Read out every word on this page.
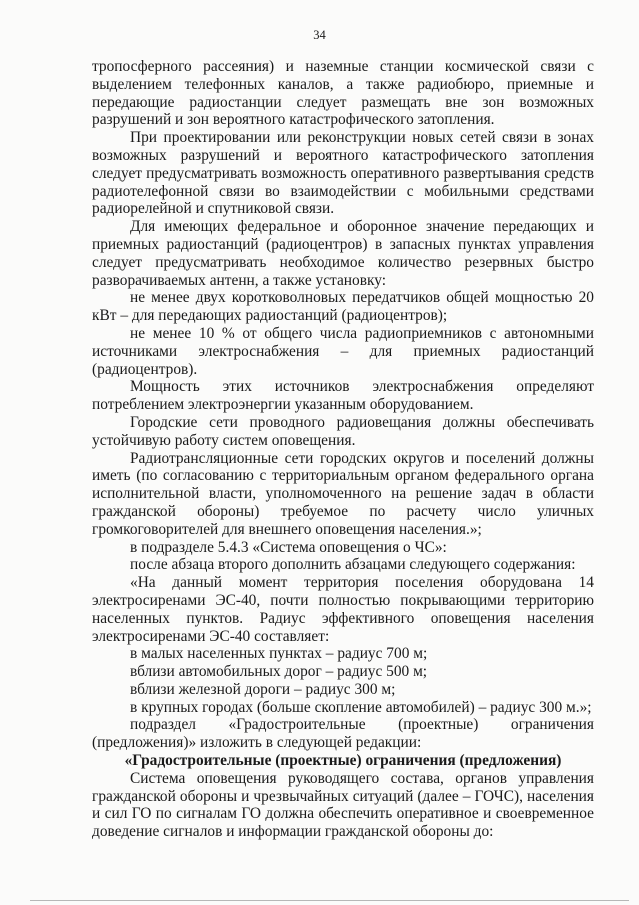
34

тропосферного рассеяния) и наземные станции космической связи с выделением телефонных каналов, а также радиобюро, приемные и передающие радиостанции следует размещать вне зон возможных разрушений и зон вероятного катастрофического затопления.

При проектировании или реконструкции новых сетей связи в зонах возможных разрушений и вероятного катастрофического затопления следует предусматривать возможность оперативного развертывания средств радиотелефонной связи во взаимодействии с мобильными средствами радиорелейной и спутниковой связи.

Для имеющих федеральное и оборонное значение передающих и приемных радиостанций (радиоцентров) в запасных пунктах управления следует предусматривать необходимое количество резервных быстро разворачиваемых антенн, а также установку:

не менее двух коротковолновых передатчиков общей мощностью 20 кВт – для передающих радиостанций (радиоцентров);

не менее 10 % от общего числа радиоприемников с автономными источниками электроснабжения – для приемных радиостанций (радиоцентров).

Мощность этих источников электроснабжения определяют потреблением электроэнергии указанным оборудованием.

Городские сети проводного радиовещания должны обеспечивать устойчивую работу систем оповещения.

Радиотрансляционные сети городских округов и поселений должны иметь (по согласованию с территориальным органом федерального органа исполнительной власти, уполномоченного на решение задач в области гражданской обороны) требуемое по расчету число уличных громкоговорителей для внешнего оповещения населения.»;

в подразделе 5.4.3 «Система оповещения о ЧС»:

после абзаца второго дополнить абзацами следующего содержания:

«На данный момент территория поселения оборудована 14 электросиренами ЭС-40, почти полностью покрывающими территорию населенных пунктов. Радиус эффективного оповещения населения электросиренами ЭС-40 составляет:

в малых населенных пунктах – радиус 700 м;

вблизи автомобильных дорог – радиус 500 м;

вблизи железной дороги – радиус 300 м;

в крупных городах (больше скопление автомобилей) – радиус 300 м.»;

подраздел «Градостроительные (проектные) ограничения (предложения)» изложить в следующей редакции:

«Градостроительные (проектные) ограничения (предложения)

Система оповещения руководящего состава, органов управления гражданской обороны и чрезвычайных ситуаций (далее – ГОЧС), населения и сил ГО по сигналам ГО должна обеспечить оперативное и своевременное доведение сигналов и информации гражданской обороны до:
